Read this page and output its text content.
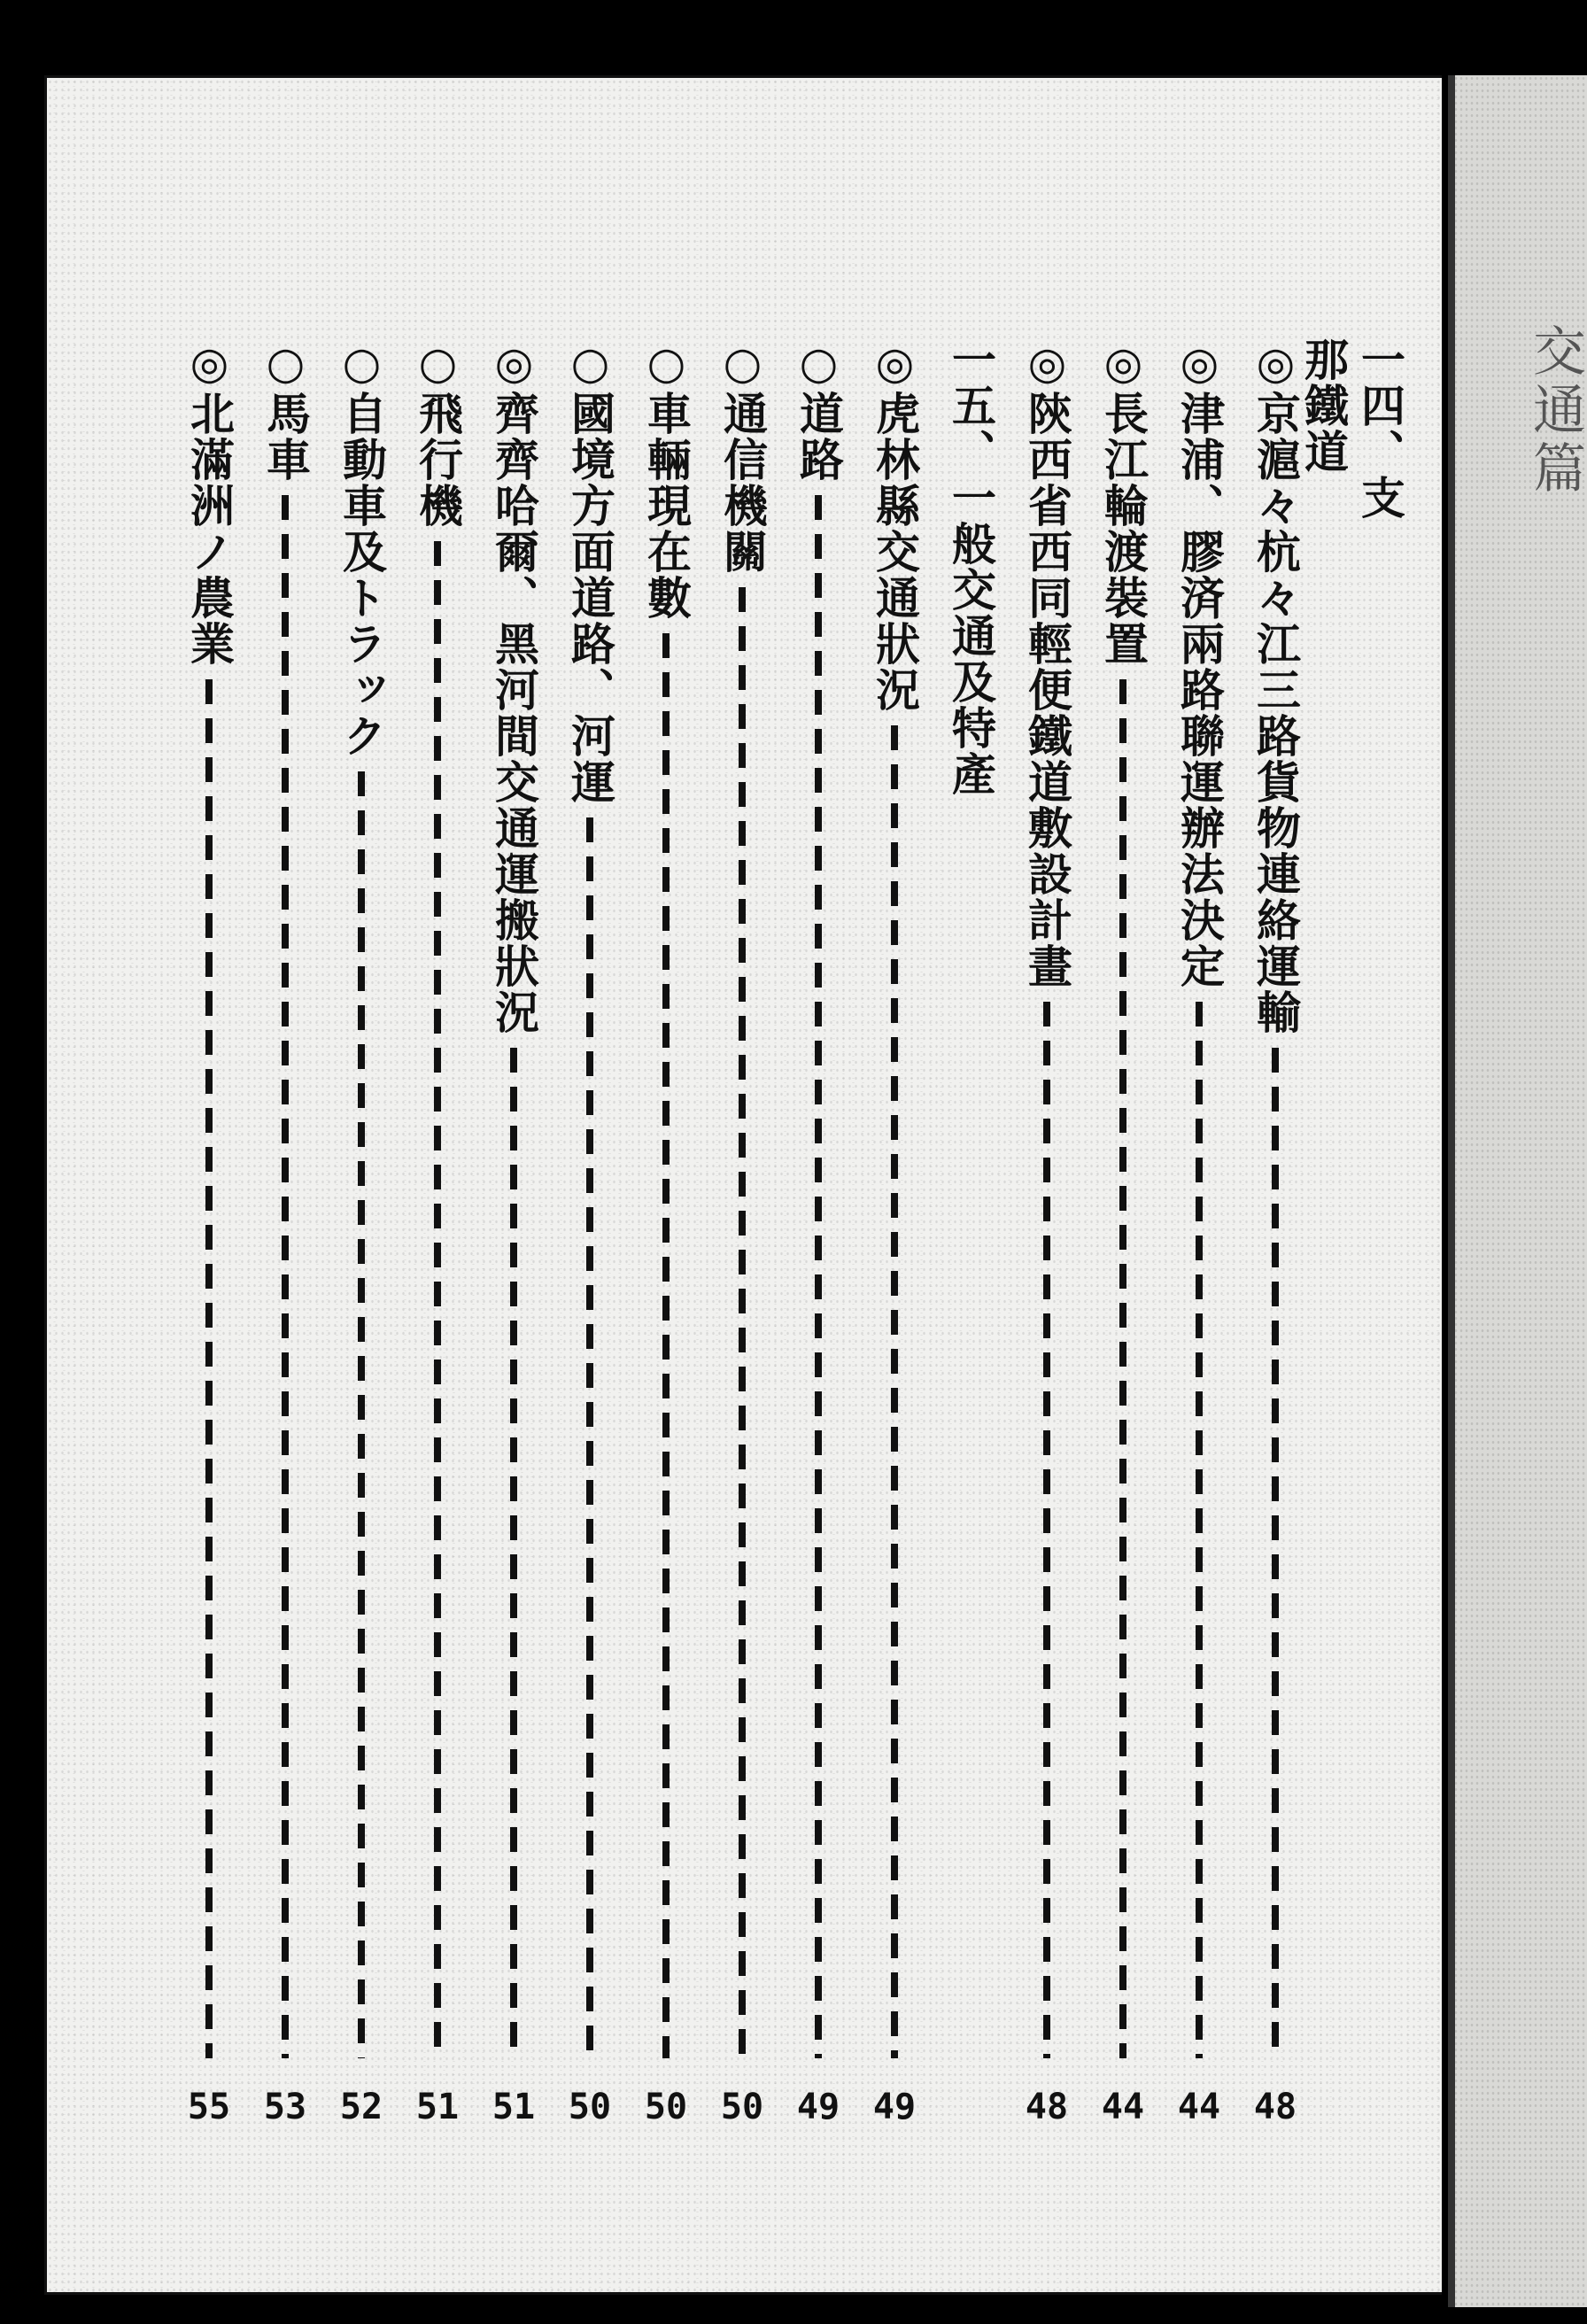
交通篇
一四、支那鐵道
◎京滬々杭々江三路貨物連絡運輸
◎津浦、膠済兩路聯運辦法決定
◎長江輪渡裝置
◎陝西省西同輕便鐵道敷設計畫
一五、一般交通及特產
◎虎林縣交通狀況
○道路
○通信機關
○車輛現在數
○國境方面道路、河運
◎齊齊哈爾、黑河間交通運搬狀況
○飛行機
○自動車及トラック
○馬車
◎北滿洲ノ農業
48
44
44
48
49
49
50
50
50
51
51
52
53
55
